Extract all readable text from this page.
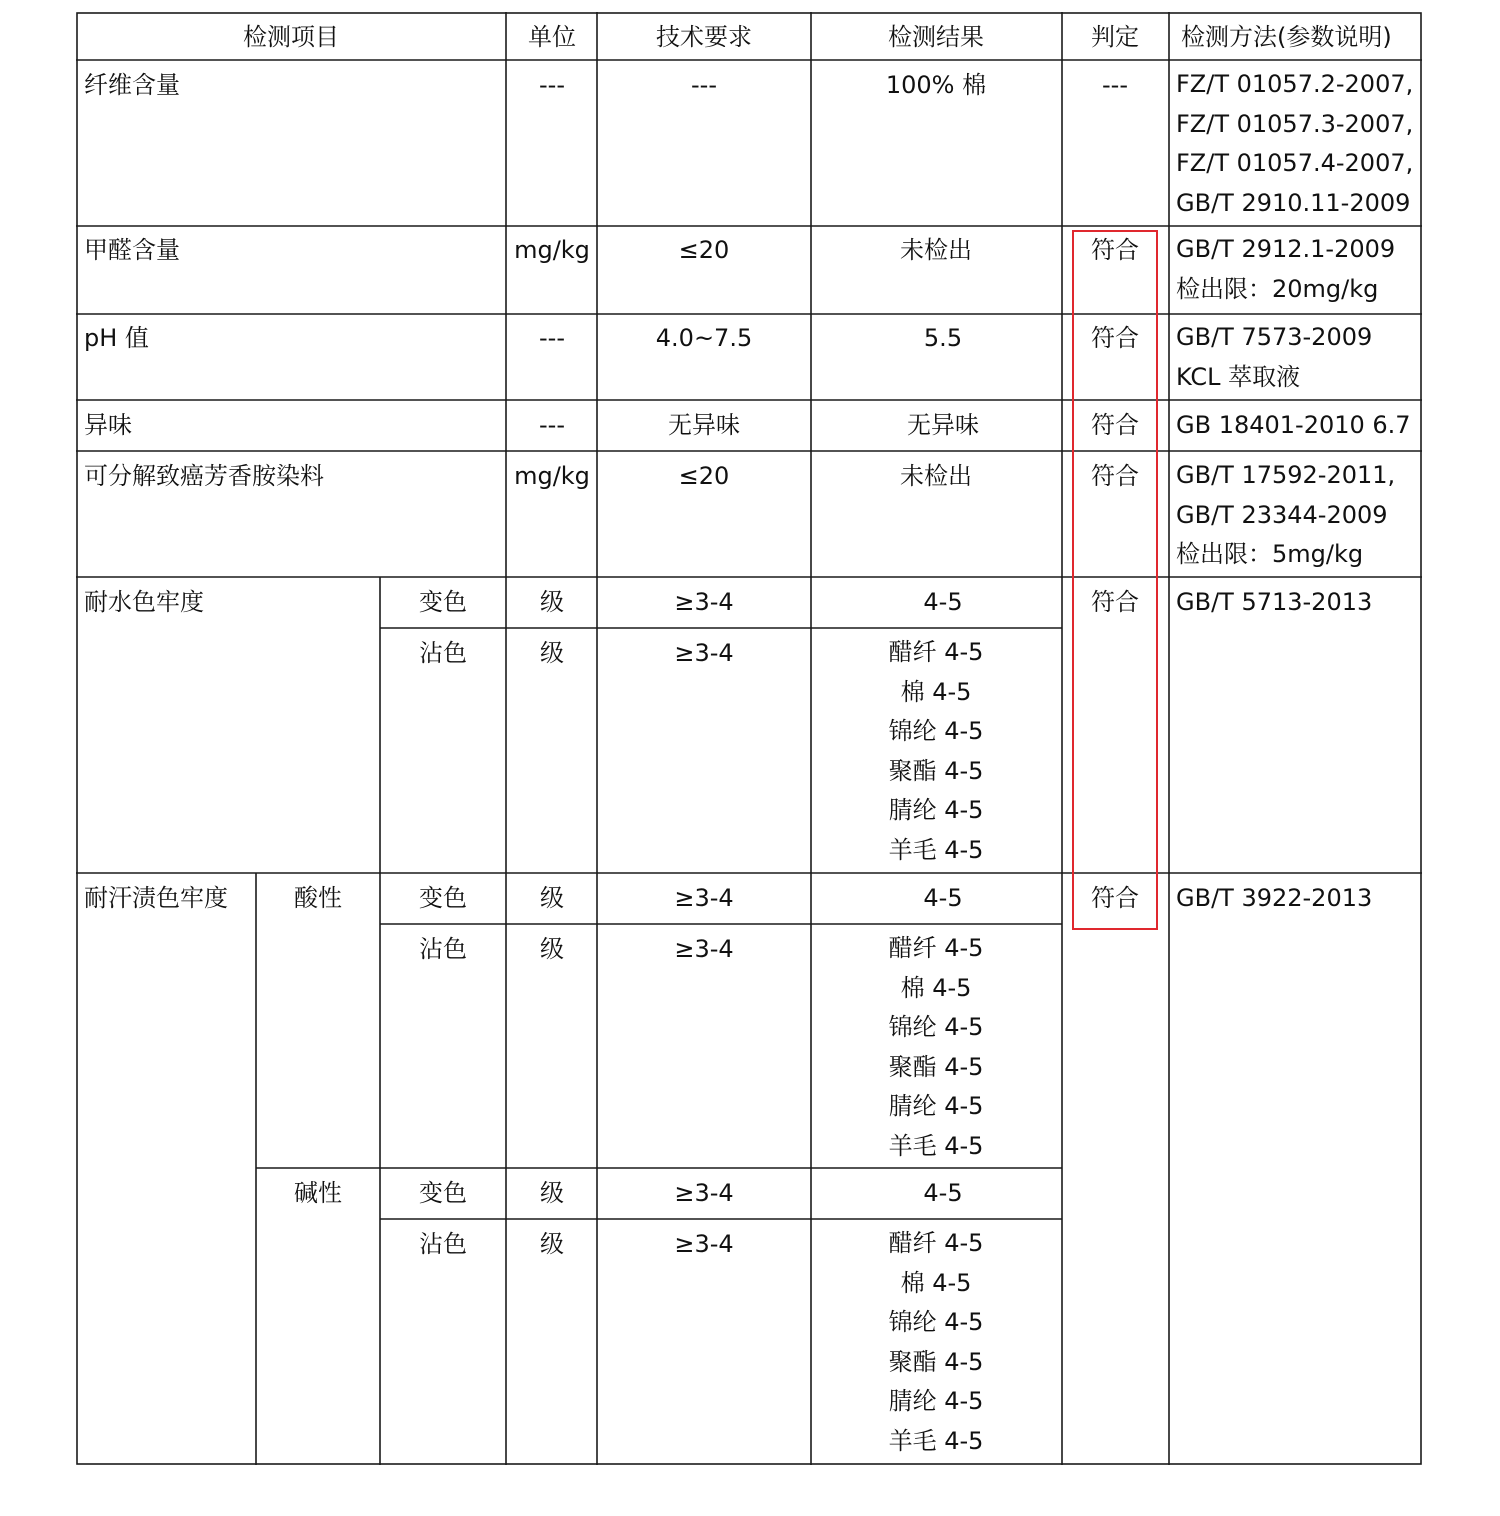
检测项目	单位	技术要求	检测结果	判定 检测方法(参数说明)
纤维含量	---	---	100% 棉	--- FZ/T 01057.2-2007,
FZ/T 01057.3-2007,
FZ/T 01057.4-2007,
GB/T 2910.11-2009
甲醛含量	mg/kg	≤20	未检出	符合 GB/T 2912.1-2009
检出限：20mg/kg
pH 值	---	4.0~7.5	5.5	符合 GB/T 7573-2009
KCL 萃取液
异味	---	无异味	无异味	符合 GB 18401-2010 6.7
可分解致癌芳香胺染料	mg/kg	≤20	未检出	符合 GB/T 17592-2011,
GB/T 23344-2009
检出限：5mg/kg
耐水色牢度	变色	级	≥3-4	4-5	符合 GB/T 5713-2013
沾色	级	≥3-4	醋纤 4-5
棉 4-5
锦纶 4-5
聚酯 4-5
腈纶 4-5
羊毛 4-5
耐汗渍色牢度	酸性	变色	级	≥3-4	4-5	符合 GB/T 3922-2013
沾色	级	≥3-4	醋纤 4-5
棉 4-5
锦纶 4-5
聚酯 4-5
腈纶 4-5
羊毛 4-5
碱性	变色	级	≥3-4	4-5
沾色	级	≥3-4	醋纤 4-5
棉 4-5
锦纶 4-5
聚酯 4-5
腈纶 4-5
羊毛 4-5
